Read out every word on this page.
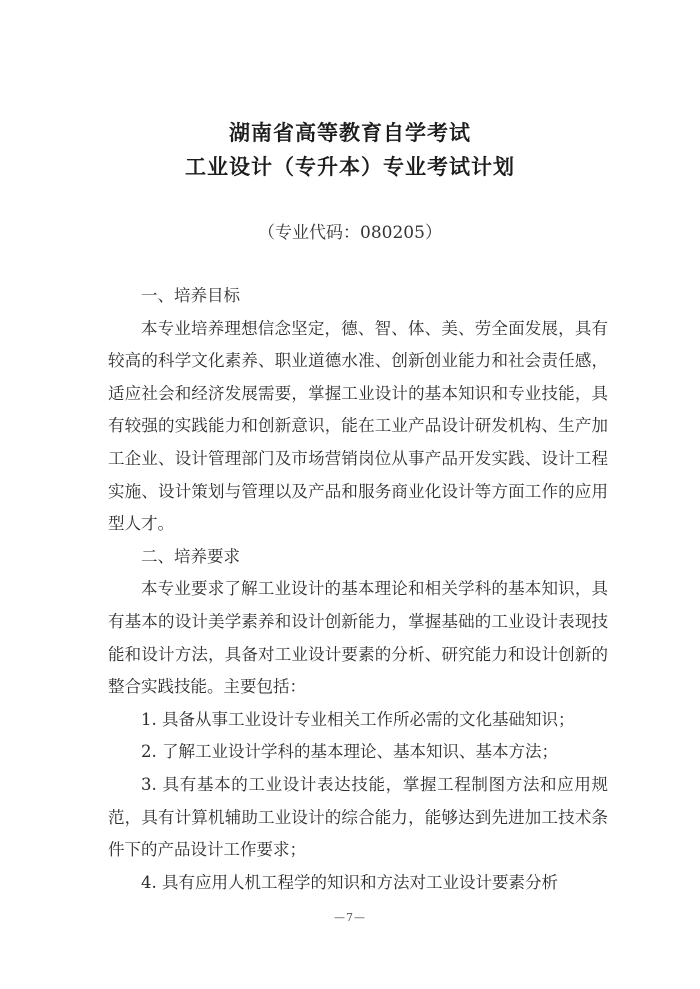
湖南省高等教育自学考试
工业设计（专升本）专业考试计划
（专业代码：080205）

一、培养目标

本专业培养理想信念坚定，德、智、体、美、劳全面发展，具有较高的科学文化素养、职业道德水准、创新创业能力和社会责任感，适应社会和经济发展需要，掌握工业设计的基本知识和专业技能，具有较强的实践能力和创新意识，能在工业产品设计研发机构、生产加工企业、设计管理部门及市场营销岗位从事产品开发实践、设计工程实施、设计策划与管理以及产品和服务商业化设计等方面工作的应用型人才。

二、培养要求

本专业要求了解工业设计的基本理论和相关学科的基本知识，具有基本的设计美学素养和设计创新能力，掌握基础的工业设计表现技能和设计方法，具备对工业设计要素的分析、研究能力和设计创新的整合实践技能。主要包括：

1. 具备从事工业设计专业相关工作所必需的文化基础知识；

2. 了解工业设计学科的基本理论、基本知识、基本方法；

3. 具有基本的工业设计表达技能，掌握工程制图方法和应用规范，具有计算机辅助工业设计的综合能力，能够达到先进加工技术条件下的产品设计工作要求；

4. 具有应用人机工程学的知识和方法对工业设计要素分析

—7—
